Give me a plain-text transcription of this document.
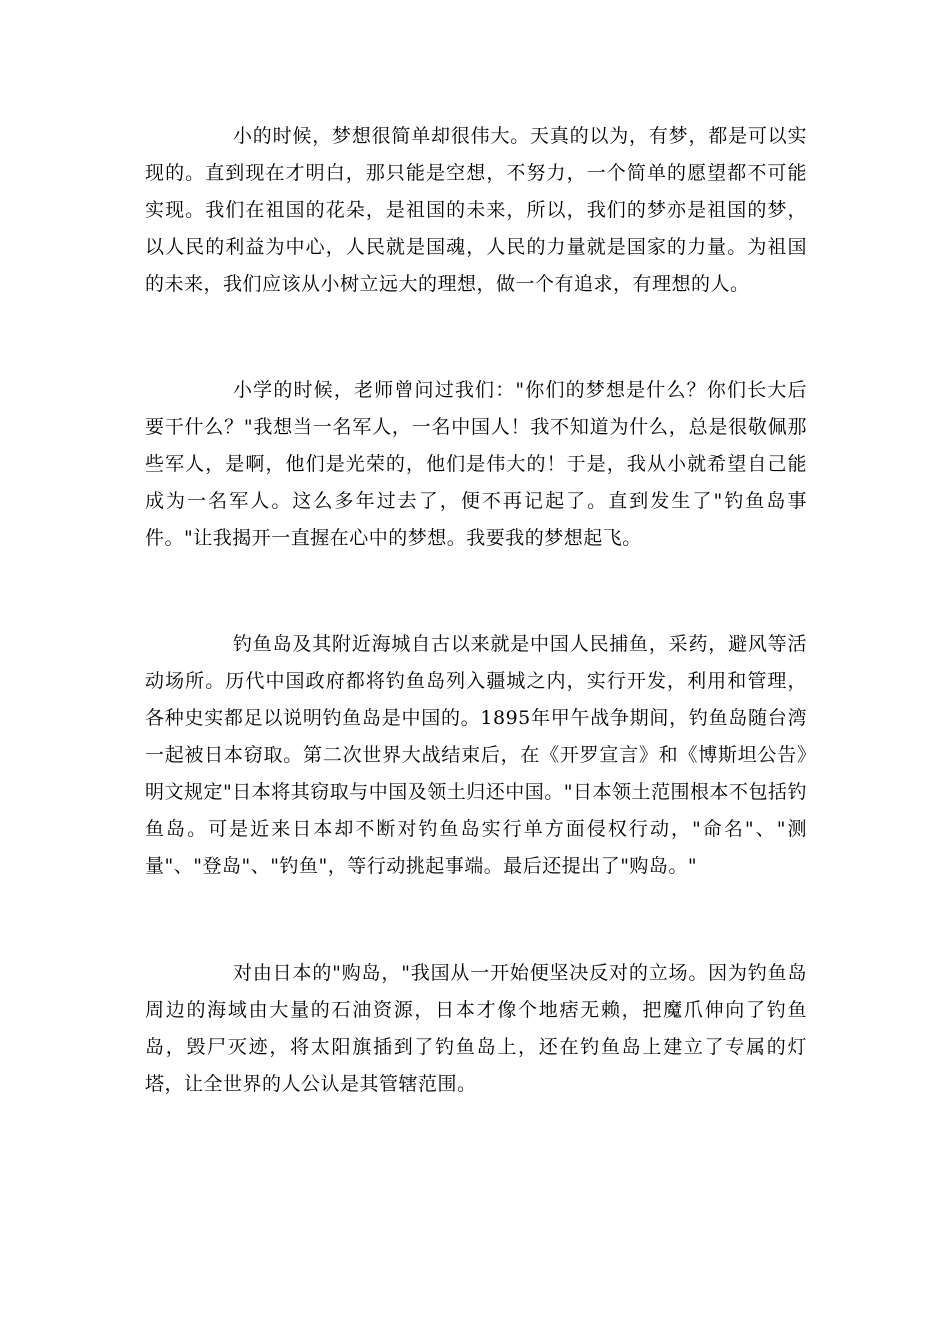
小的时候，梦想很简单却很伟大。天真的以为，有梦，都是可以实现的。直到现在才明白，那只能是空想，不努力，一个简单的愿望都不可能实现。我们在祖国的花朵，是祖国的未来，所以，我们的梦亦是祖国的梦，以人民的利益为中心，人民就是国魂，人民的力量就是国家的力量。为祖国的未来，我们应该从小树立远大的理想，做一个有追求，有理想的人。

小学的时候，老师曾问过我们："你们的梦想是什么？你们长大后要干什么？"我想当一名军人，一名中国人！我不知道为什么，总是很敬佩那些军人，是啊，他们是光荣的，他们是伟大的！于是，我从小就希望自己能成为一名军人。这么多年过去了，便不再记起了。直到发生了"钓鱼岛事件。"让我揭开一直握在心中的梦想。我要我的梦想起飞。

钓鱼岛及其附近海城自古以来就是中国人民捕鱼，采药，避风等活动场所。历代中国政府都将钓鱼岛列入疆城之内，实行开发，利用和管理，各种史实都足以说明钓鱼岛是中国的。1895年甲午战争期间，钓鱼岛随台湾一起被日本窃取。第二次世界大战结束后，在《开罗宣言》和《博斯坦公告》明文规定"日本将其窃取与中国及领土归还中国。"日本领土范围根本不包括钓鱼岛。可是近来日本却不断对钓鱼岛实行单方面侵权行动，"命名"、"测量"、"登岛"、"钓鱼"，等行动挑起事端。最后还提出了"购岛。"

对由日本的"购岛，"我国从一开始便坚决反对的立场。因为钓鱼岛周边的海域由大量的石油资源，日本才像个地痞无赖，把魔爪伸向了钓鱼岛，毁尸灭迹，将太阳旗插到了钓鱼岛上，还在钓鱼岛上建立了专属的灯塔，让全世界的人公认是其管辖范围。
